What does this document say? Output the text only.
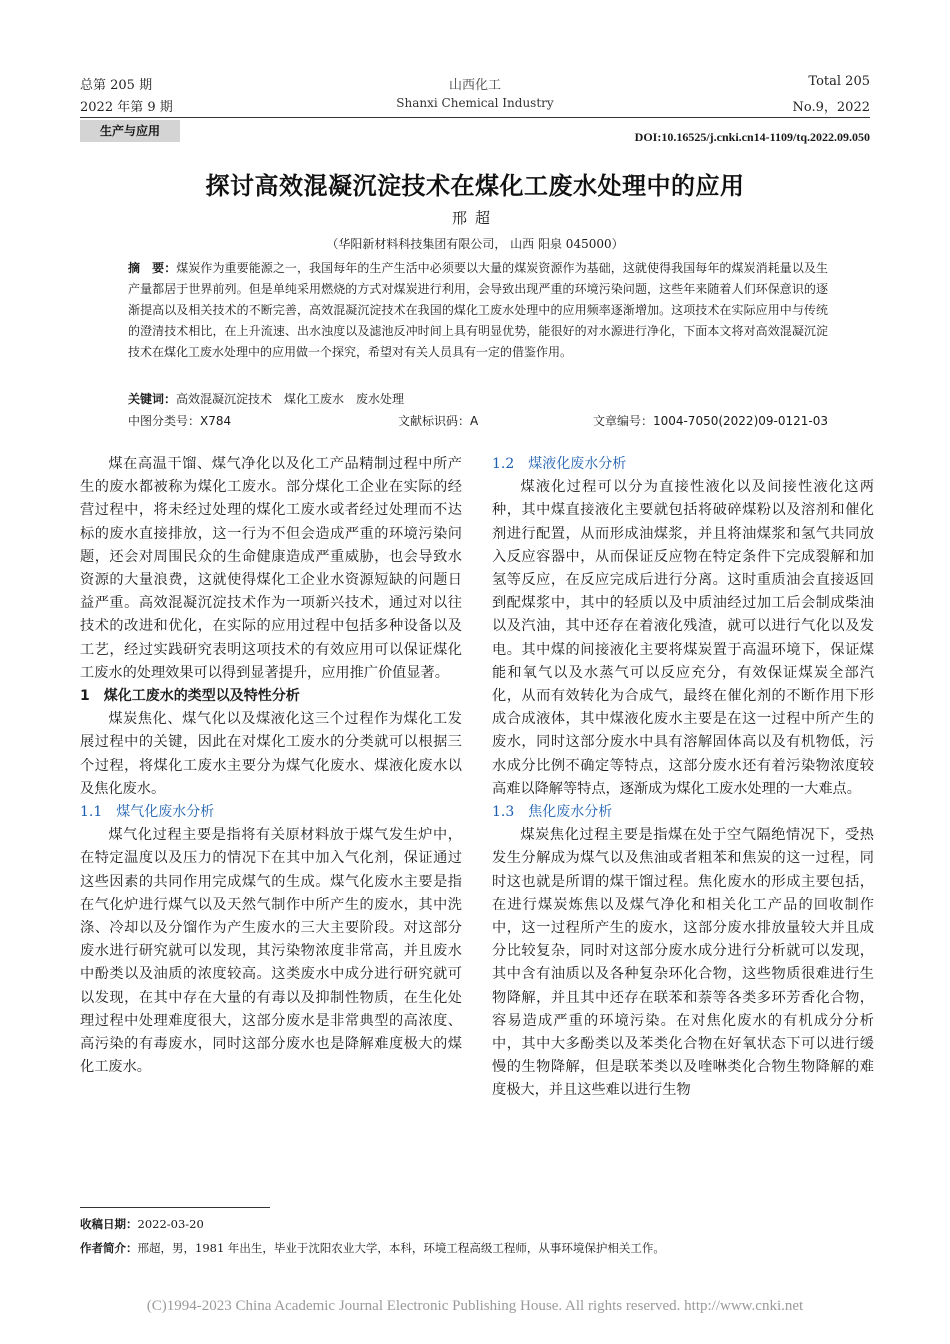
总第 205 期
2022 年第 9 期
山西化工
Shanxi Chemical Industry
Total 205
No.9，2022
生产与应用	DOI:10.16525/j.cnki.cn14-1109/tq.2022.09.050
探讨高效混凝沉淀技术在煤化工废水处理中的应用
邢超
（华阳新材料科技集团有限公司， 山西 阳泉 045000）

摘　要：煤炭作为重要能源之一，我国每年的生产生活中必须要以大量的煤炭资源作为基础，这就使得我国每年的煤炭消耗量以及生产量都居于世界前列。但是单纯采用燃烧的方式对煤炭进行利用，会导致出现严重的环境污染问题，这些年来随着人们环保意识的逐渐提高以及相关技术的不断完善，高效混凝沉淀技术在我国的煤化工废水处理中的应用频率逐渐增加。这项技术在实际应用中与传统的澄清技术相比，在上升流速、出水浊度以及滤池反冲时间上具有明显优势，能很好的对水源进行净化，下面本文将对高效混凝沉淀技术在煤化工废水处理中的应用做一个探究，希望对有关人员具有一定的借鉴作用。

关键词：高效混凝沉淀技术　煤化工废水　废水处理
中图分类号：X784	文献标识码：A	文章编号：1004-7050(2022)09-0121-03

煤在高温干馏、煤气净化以及化工产品精制过程中所产生的废水都被称为煤化工废水。部分煤化工企业在实际的经营过程中，将未经过处理的煤化工废水或者经过处理而不达标的废水直接排放，这一行为不但会造成严重的环境污染问题，还会对周围民众的生命健康造成严重威胁，也会导致水资源的大量浪费，这就使得煤化工企业水资源短缺的问题日益严重。高效混凝沉淀技术作为一项新兴技术，通过对以往技术的改进和优化，在实际的应用过程中包括多种设备以及工艺，经过实践研究表明这项技术的有效应用可以保证煤化工废水的处理效果可以得到显著提升，应用推广价值显著。

1　煤化工废水的类型以及特性分析

煤炭焦化、煤气化以及煤液化这三个过程作为煤化工发展过程中的关键，因此在对煤化工废水的分类就可以根据三个过程，将煤化工废水主要分为煤气化废水、煤液化废水以及焦化废水。

1.1　煤气化废水分析

煤气化过程主要是指将有关原材料放于煤气发生炉中，在特定温度以及压力的情况下在其中加入气化剂，保证通过这些因素的共同作用完成煤气的生成。煤气化废水主要是指在气化炉进行煤气以及天然气制作中所产生的废水，其中洗涤、冷却以及分馏作为产生废水的三大主要阶段。对这部分废水进行研究就可以发现，其污染物浓度非常高，并且废水中酚类以及油质的浓度较高。这类废水中成分进行研究就可以发现，在其中存在大量的有毒以及抑制性物质，在生化处理过程中处理难度很大，这部分废水是非常典型的高浓度、高污染的有毒废水，同时这部分废水也是降解难度极大的煤化工废水。

1.2　煤液化废水分析

煤液化过程可以分为直接性液化以及间接性液化这两种，其中煤直接液化主要就包括将破碎煤粉以及溶剂和催化剂进行配置，从而形成油煤浆，并且将油煤浆和氢气共同放入反应容器中，从而保证反应物在特定条件下完成裂解和加氢等反应，在反应完成后进行分离。这时重质油会直接返回到配煤浆中，其中的轻质以及中质油经过加工后会制成柴油以及汽油，其中还存在着液化残渣，就可以进行气化以及发电。其中煤的间接液化主要将煤炭置于高温环境下，保证煤能和氧气以及水蒸气可以反应充分，有效保证煤炭全部汽化，从而有效转化为合成气，最终在催化剂的不断作用下形成合成液体，其中煤液化废水主要是在这一过程中所产生的废水，同时这部分废水中具有溶解固体高以及有机物低，污水成分比例不确定等特点，这部分废水还有着污染物浓度较高难以降解等特点，逐渐成为煤化工废水处理的一大难点。

1.3　焦化废水分析

煤炭焦化过程主要是指煤在处于空气隔绝情况下，受热发生分解成为煤气以及焦油或者粗苯和焦炭的这一过程，同时这也就是所谓的煤干馏过程。焦化废水的形成主要包括，在进行煤炭炼焦以及煤气净化和相关化工产品的回收制作中，这一过程所产生的废水，这部分废水排放量较大并且成分比较复杂，同时对这部分废水成分进行分析就可以发现，其中含有油质以及各种复杂环化合物，这些物质很难进行生物降解，并且其中还存在联苯和萘等各类多环芳香化合物，容易造成严重的环境污染。在对焦化废水的有机成分分析中，其中大多酚类以及苯类化合物在好氧状态下可以进行缓慢的生物降解，但是联苯类以及喹啉类化合物生物降解的难度极大，并且这些难以进行生物

收稿日期：2022-03-20
作者简介：邢超，男，1981 年出生，毕业于沈阳农业大学，本科，环境工程高级工程师，从事环境保护相关工作。
(C)1994-2023 China Academic Journal Electronic Publishing House. All rights reserved. http://www.cnki.net
